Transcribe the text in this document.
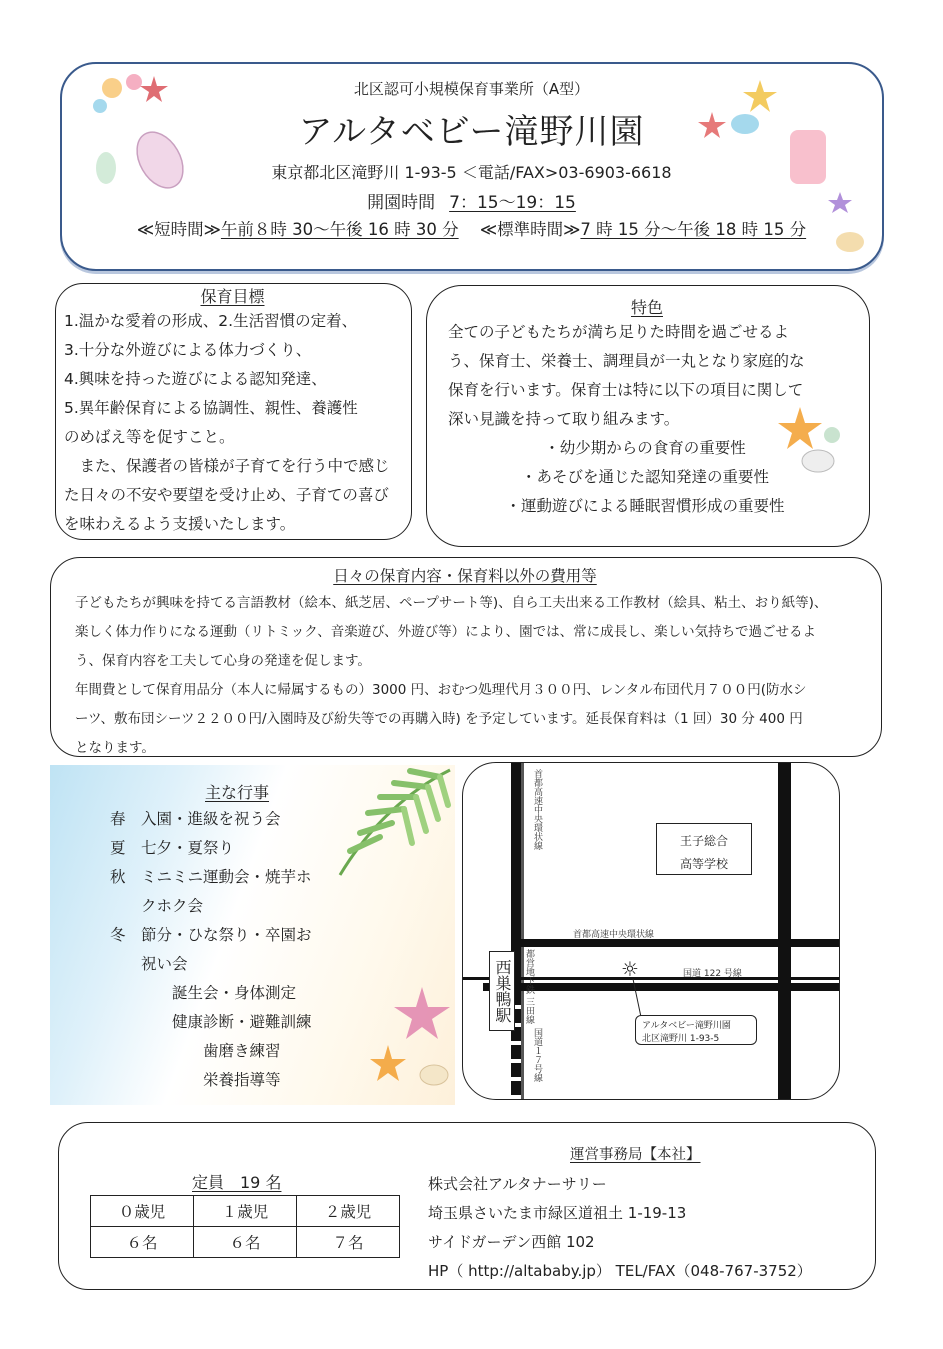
北区認可小規模保育事業所（A型）
アルタベビー滝野川園
東京都北区滝野川 1-93-5 ＜電話/FAX>03-6903-6618
開園時間 7：15～19：15
≪短時間≫午前８時 30～午後 16 時 30 分 ≪標準時間≫7 時 15 分～午後 18 時 15 分
保育目標
1.温かな愛着の形成、2.生活習慣の定着、
3.十分な外遊びによる体力づくり、
4.興味を持った遊びによる認知発達、
5.異年齢保育による協調性、親性、養護性
のめばえ等を促すこと。
　また、保護者の皆様が子育てを行う中で感じ
た日々の不安や要望を受け止め、子育ての喜び
を味わえるよう支援いたします。
特色
全ての子どもたちが満ち足りた時間を過ごせるよ
う、保育士、栄養士、調理員が一丸となり家庭的な
保育を行います。保育士は特に以下の項目に関して
深い見識を持って取り組みます。
・幼少期からの食育の重要性
・あそびを通じた認知発達の重要性
・運動遊びによる睡眠習慣形成の重要性
日々の保育内容・保育料以外の費用等
子どもたちが興味を持てる言語教材（絵本、紙芝居、ペープサート等)、自ら工夫出来る工作教材（絵具、粘土、おり紙等)、
楽しく体力作りになる運動（リトミック、音楽遊び、外遊び等）により、園では、常に成長し、楽しい気持ちで過ごせるよ
う、保育内容を工夫して心身の発達を促します。
年間費として保育用品分（本人に帰属するもの）3000 円、おむつ処理代月３００円、レンタル布団代月７００円(防水シ
ーツ、敷布団シーツ２２００円/入園時及び紛失等での再購入時) を予定しています。延長保育料は（1 回）30 分 400 円
となります。
主な行事
春　入園・進級を祝う会
夏　七夕・夏祭り
秋　ミニミニ運動会・焼芋ホ
　　クホク会
冬　節分・ひな祭り・卒園お
　　祝い会
　　　　誕生会・身体測定
　　　　健康診断・避難訓練
　　　　　　歯磨き練習
　　　　　　栄養指導等
首都高速中央環状線
首都高速中央環状線
国道 122 号線
国道１７号線
都営地下鉄 三田線
王子総合
高等学校
西巣鴨駅	☼
アルタベビー滝野川園
北区滝野川 1-93-5
定員　19 名
０歳児	１歳児	２歳児
６名	６名	７名
運営事務局【本社】
株式会社アルタナーサリー
埼玉県さいたま市緑区道祖土 1-19-13
サイドガーデン西館 102
HP（ http://altababy.jp） TEL/FAX（048-767-3752）
